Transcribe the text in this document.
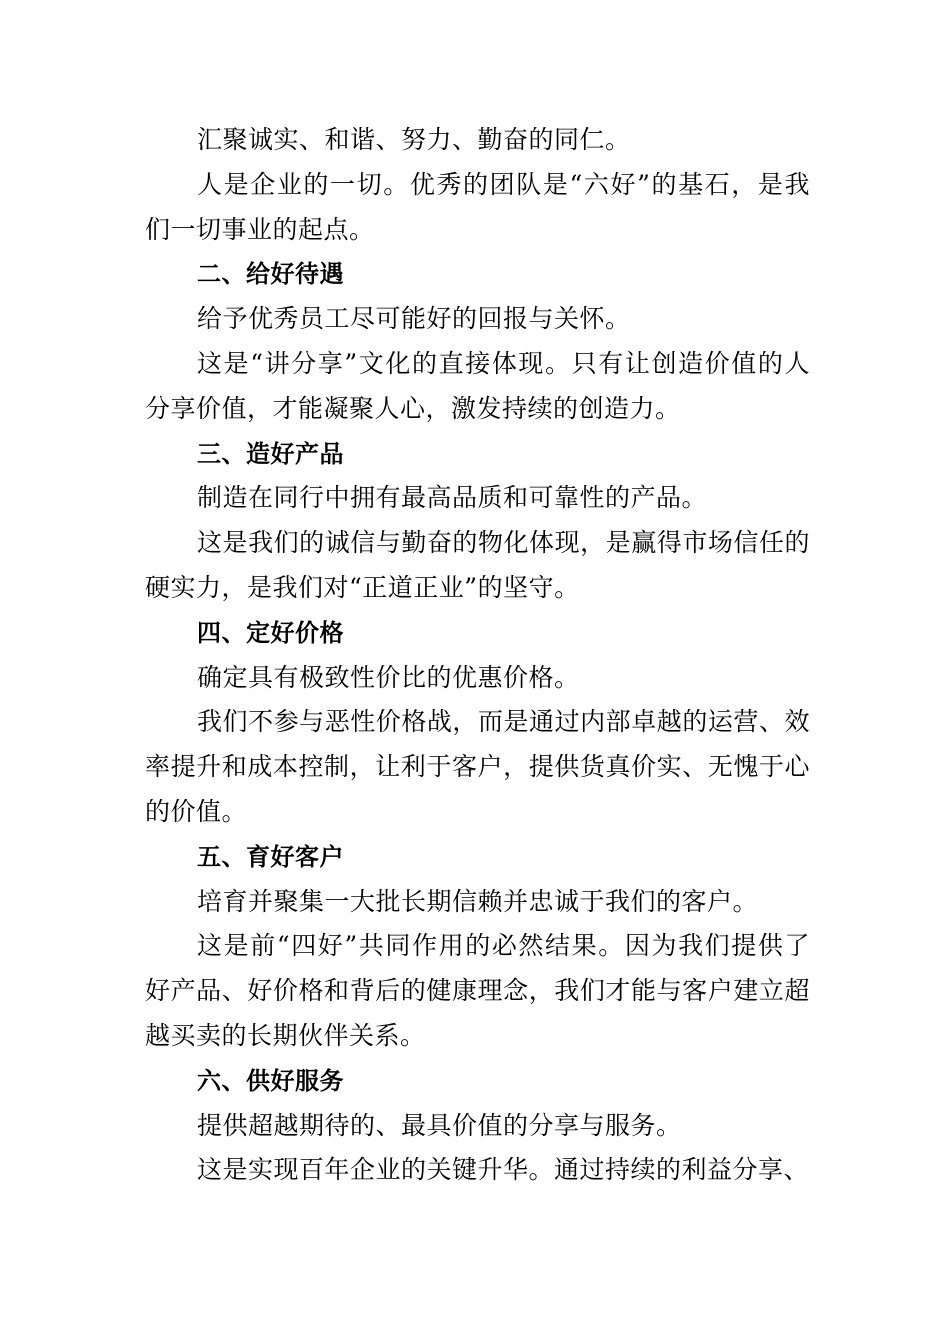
汇聚诚实、和谐、努力、勤奋的同仁。

人是企业的一切。优秀的团队是“六好”的基石，是我们一切事业的起点。

二、给好待遇

给予优秀员工尽可能好的回报与关怀。

这是“讲分享”文化的直接体现。只有让创造价值的人分享价值，才能凝聚人心，激发持续的创造力。

三、造好产品

制造在同行中拥有最高品质和可靠性的产品。

这是我们的诚信与勤奋的物化体现，是赢得市场信任的硬实力，是我们对“正道正业”的坚守。

四、定好价格

确定具有极致性价比的优惠价格。

我们不参与恶性价格战，而是通过内部卓越的运营、效率提升和成本控制，让利于客户，提供货真价实、无愧于心的价值。

五、育好客户

培育并聚集一大批长期信赖并忠诚于我们的客户。

这是前“四好”共同作用的必然结果。因为我们提供了好产品、好价格和背后的健康理念，我们才能与客户建立超越买卖的长期伙伴关系。

六、供好服务

提供超越期待的、最具价值的分享与服务。

这是实现百年企业的关键升华。通过持续的利益分享、
